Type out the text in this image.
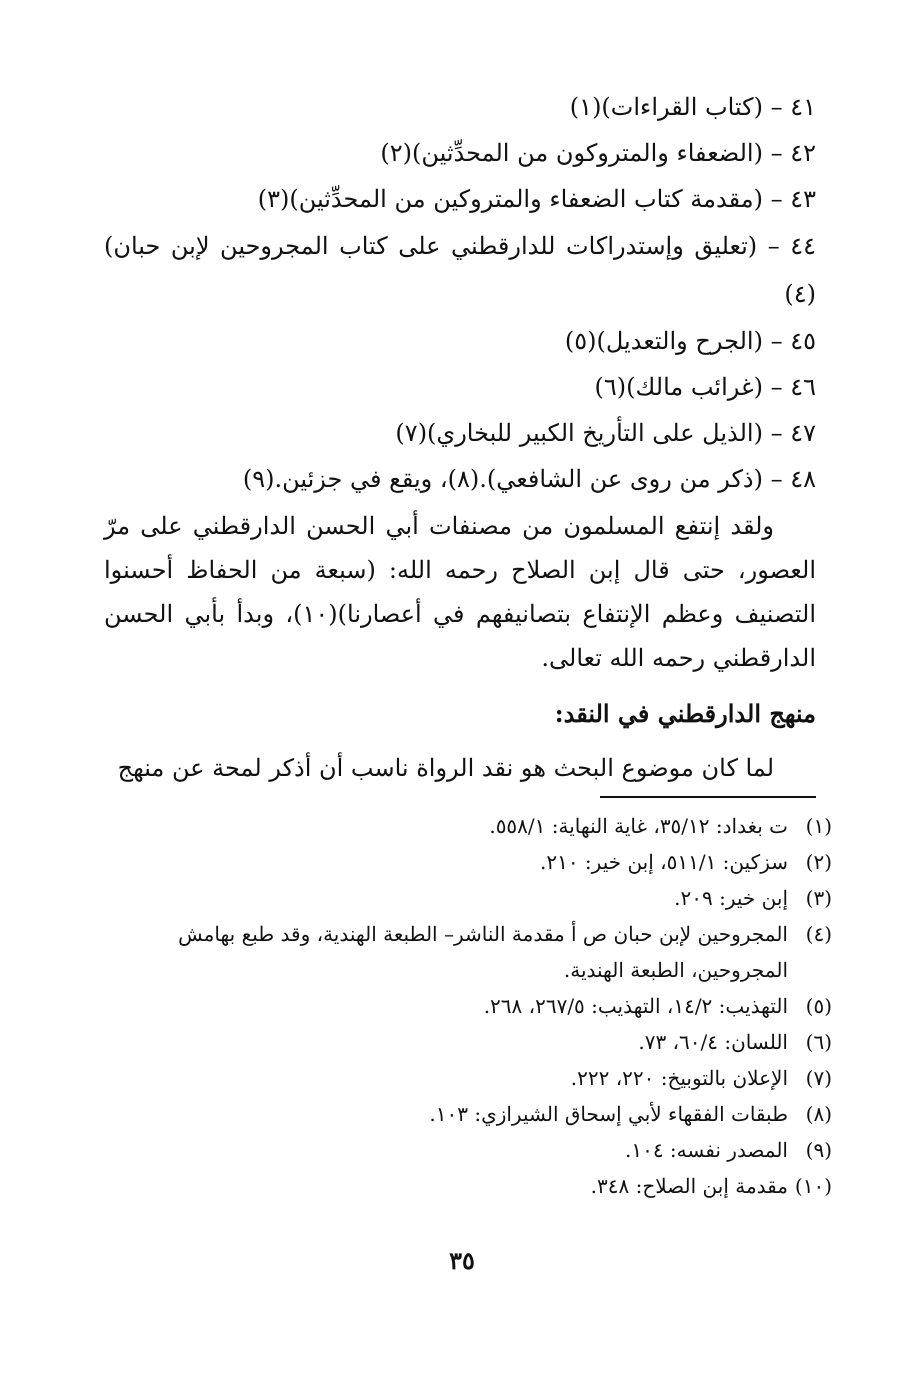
٤١ – (كتاب القراءات)(١)
٤٢ – (الضعفاء والمتروكون من المحدِّثين)(٢)
٤٣ – (مقدمة كتاب الضعفاء والمتروكين من المحدِّثين)(٣)
٤٤ – (تعليق وإستدراكات للدارقطني على كتاب المجروحين لإبن حبان)(٤)
٤٥ – (الجرح والتعديل)(٥)
٤٦ – (غرائب مالك)(٦)
٤٧ – (الذيل على التأريخ الكبير للبخاري)(٧)
٤٨ – (ذكر من روى عن الشافعي).(٨)، ويقع في جزئين.(٩)
ولقد إنتفع المسلمون من مصنفات أبي الحسن الدارقطني على مرّ العصور، حتى قال إبن الصلاح رحمه الله: (سبعة من الحفاظ أحسنوا التصنيف وعظم الإنتفاع بتصانيفهم في أعصارنا)(١٠)، وبدأ بأبي الحسن الدارقطني رحمه الله تعالى.
منهج الدارقطني في النقد:
لما كان موضوع البحث هو نقد الرواة ناسب أن أذكر لمحة عن منهج
(١)
ت بغداد: ٣٥/١٢، غاية النهاية: ٥٥٨/١.
(٢)
سزكين: ٥١١/١، إبن خير: ٢١٠.
(٣)
إبن خير: ٢٠٩.
(٤)
المجروحين لإبن حبان ص أ مقدمة الناشر– الطبعة الهندية، وقد طبع بهامش المجروحين، الطبعة الهندية.
(٥)
التهذيب: ١٤/٢، التهذيب: ٢٦٧/٥، ٢٦٨.
(٦)
اللسان: ٦٠/٤، ٧٣.
(٧)
الإعلان بالتوبيخ: ٢٢٠، ٢٢٢.
(٨)
طبقات الفقهاء لأبي إسحاق الشيرازي: ١٠٣.
(٩)
المصدر نفسه: ١٠٤.
(١٠)
مقدمة إبن الصلاح: ٣٤٨.
٣٥
